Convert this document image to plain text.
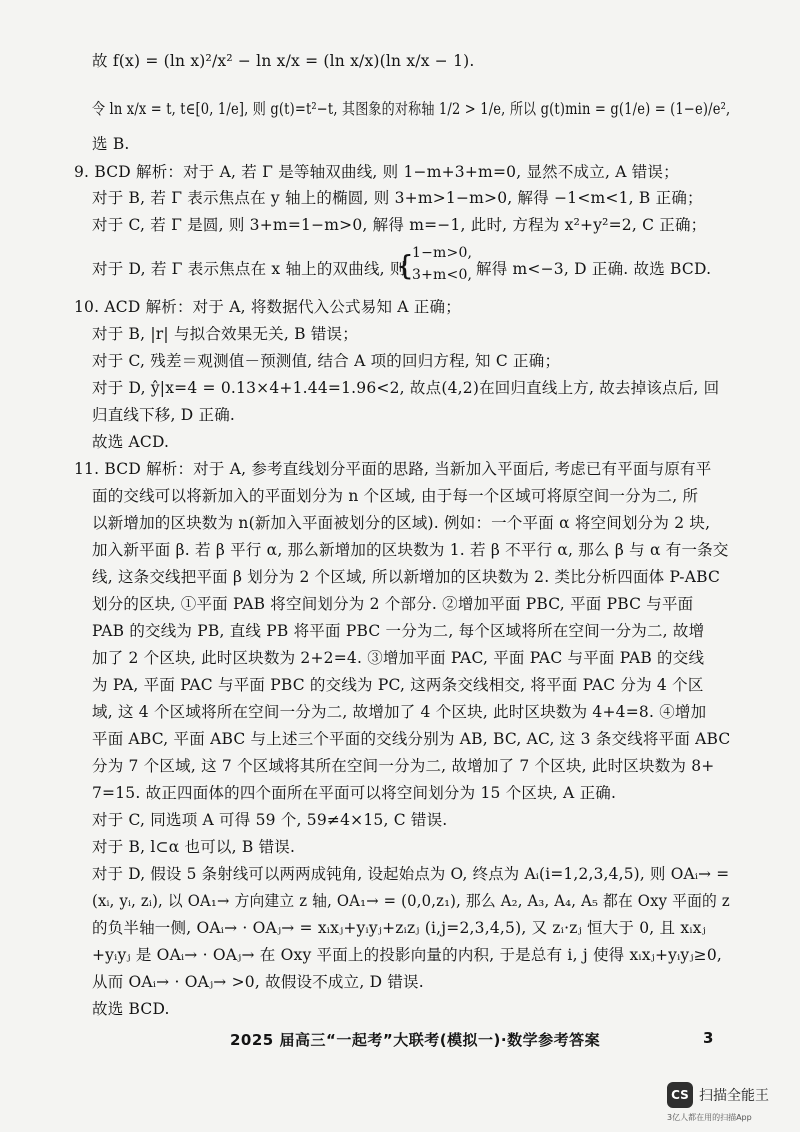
故 f(x) = (ln x)²/x² − ln x/x = (ln x/x)(ln x/x − 1).
令 ln x/x = t, t∈[0, 1/e], 则 g(t)=t²−t, 其图象的对称轴 1/2 > 1/e, 所以 g(t)min = g(1/e) = (1−e)/e²,
选 B.
9. BCD 解析：对于 A, 若 Γ 是等轴双曲线, 则 1−m+3+m=0, 显然不成立, A 错误；
对于 B, 若 Γ 表示焦点在 y 轴上的椭圆, 则 3+m>1−m>0, 解得 −1<m<1, B 正确；
对于 C, 若 Γ 是圆, 则 3+m=1−m>0, 解得 m=−1, 此时, 方程为 x²+y²=2, C 正确；
对于 D, 若 Γ 表示焦点在 x 轴上的双曲线, 则
{
1−m>0,
3+m<0, 解得 m<−3, D 正确. 故选 BCD.
10. ACD 解析：对于 A, 将数据代入公式易知 A 正确；
对于 B, |r| 与拟合效果无关, B 错误；
对于 C, 残差＝观测值－预测值, 结合 A 项的回归方程, 知 C 正确；
对于 D, ŷ|x=4 = 0.13×4+1.44=1.96<2, 故点(4,2)在回归直线上方, 故去掉该点后, 回
归直线下移, D 正确.
故选 ACD.
11. BCD 解析：对于 A, 参考直线划分平面的思路, 当新加入平面后, 考虑已有平面与原有平
面的交线可以将新加入的平面划分为 n 个区域, 由于每一个区域可将原空间一分为二, 所
以新增加的区块数为 n(新加入平面被划分的区域). 例如：一个平面 α 将空间划分为 2 块,
加入新平面 β. 若 β 平行 α, 那么新增加的区块数为 1. 若 β 不平行 α, 那么 β 与 α 有一条交
线, 这条交线把平面 β 划分为 2 个区域, 所以新增加的区块数为 2. 类比分析四面体 P-ABC
划分的区块, ①平面 PAB 将空间划分为 2 个部分. ②增加平面 PBC, 平面 PBC 与平面
PAB 的交线为 PB, 直线 PB 将平面 PBC 一分为二, 每个区域将所在空间一分为二, 故增
加了 2 个区块, 此时区块数为 2+2=4. ③增加平面 PAC, 平面 PAC 与平面 PAB 的交线
为 PA, 平面 PAC 与平面 PBC 的交线为 PC, 这两条交线相交, 将平面 PAC 分为 4 个区
域, 这 4 个区域将所在空间一分为二, 故增加了 4 个区块, 此时区块数为 4+4=8. ④增加
平面 ABC, 平面 ABC 与上述三个平面的交线分别为 AB, BC, AC, 这 3 条交线将平面 ABC
分为 7 个区域, 这 7 个区域将其所在空间一分为二, 故增加了 7 个区块, 此时区块数为 8+
7=15. 故正四面体的四个面所在平面可以将空间划分为 15 个区块, A 正确.
对于 C, 同选项 A 可得 59 个, 59≠4×15, C 错误.
对于 B, l⊂α 也可以, B 错误.
对于 D, 假设 5 条射线可以两两成钝角, 设起始点为 O, 终点为 Aᵢ(i=1,2,3,4,5), 则 OAᵢ→ =
(xᵢ, yᵢ, zᵢ), 以 OA₁→ 方向建立 z 轴, OA₁→ = (0,0,z₁), 那么 A₂, A₃, A₄, A₅ 都在 Oxy 平面的 z
的负半轴一侧, OAᵢ→ · OAⱼ→ = xᵢxⱼ+yᵢyⱼ+zᵢzⱼ (i,j=2,3,4,5), 又 zᵢ·zⱼ 恒大于 0, 且 xᵢxⱼ
+yᵢyⱼ 是 OAᵢ→ · OAⱼ→ 在 Oxy 平面上的投影向量的内积, 于是总有 i, j 使得 xᵢxⱼ+yᵢyⱼ≥0,
从而 OAᵢ→ · OAⱼ→ >0, 故假设不成立, D 错误.
故选 BCD.
2025 届高三“一起考”大联考(模拟一)·数学参考答案	3
CS 扫描全能王
3亿人都在用的扫描App
